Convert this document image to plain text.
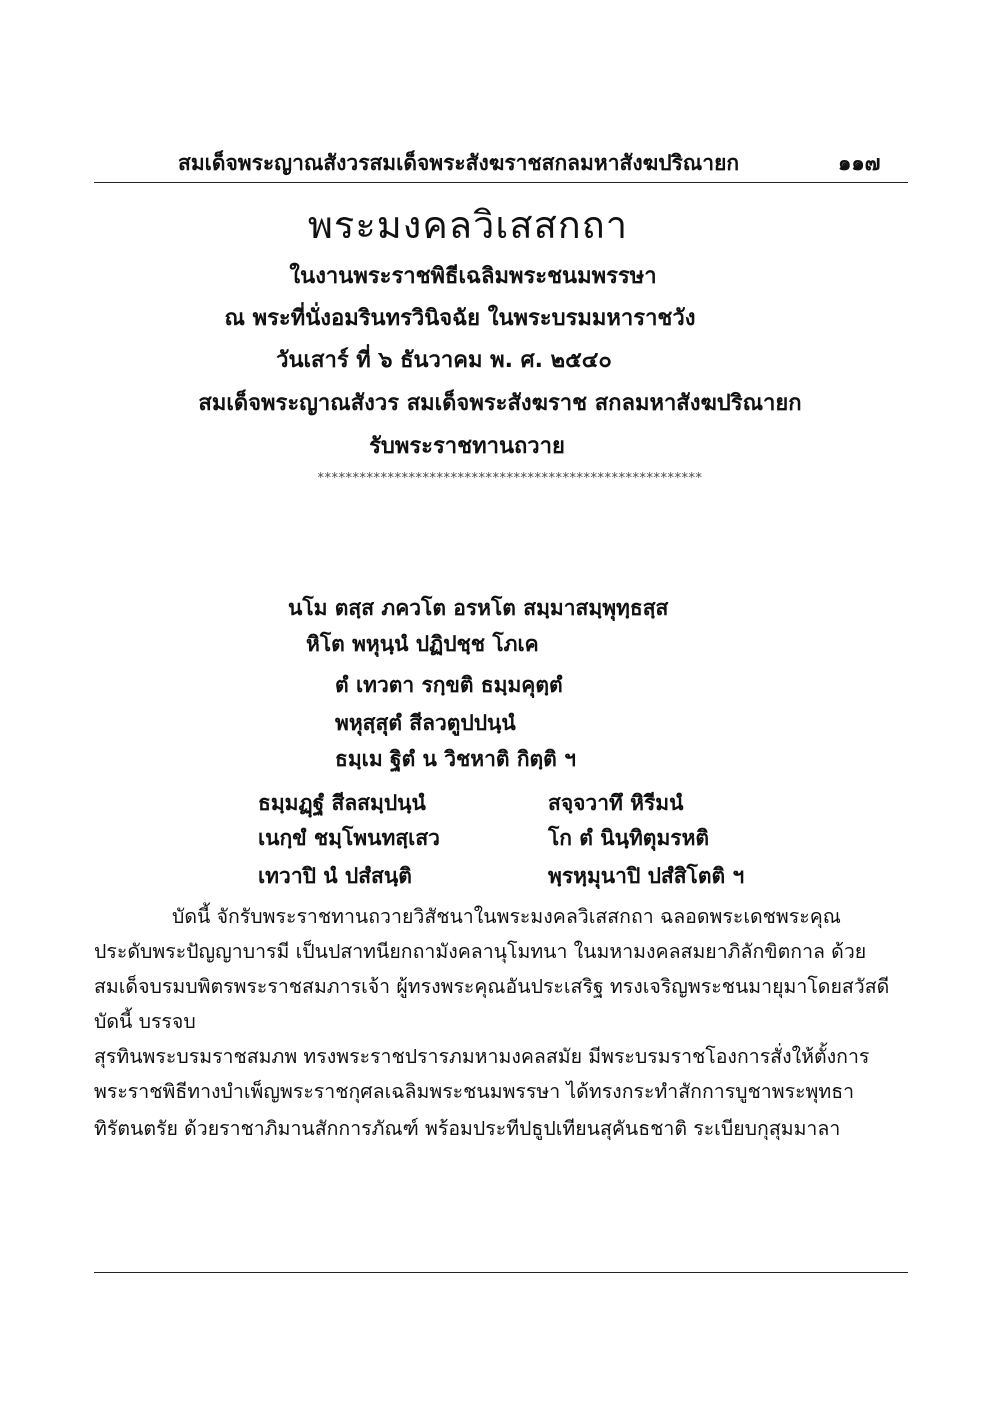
สมเด็จพระญาณสังวรสมเด็จพระสังฆราชสกลมหาสังฆปริณายก	๑๑๗
พระมงคลวิเสสกถา
ในงานพระราชพิธีเฉลิมพระชนมพรรษา
ณ พระที่นั่งอมรินทรวินิจฉัย ในพระบรมมหาราชวัง
วันเสาร์ ที่ ๖ ธันวาคม พ. ศ. ๒๕๔๐
สมเด็จพระญาณสังวร สมเด็จพระสังฆราช สกลมหาสังฆปริณายก
รับพระราชทานถวาย
*******************************************************
นโม ตสฺส ภควโต อรหโต สมฺมาสมฺพุทฺธสฺส
หิโต พหุนฺนํ ปฏิปชฺช โภเค
ตํ เทวตา รกฺขติ ธมฺมคุตฺตํ
พหุสฺสุตํ สีลวตูปปนฺนํ
ธมฺเม ฐิตํ น วิชหาติ กิตฺติ ฯ
ธมฺมฏฺฐํ สีลสมฺปนฺนํ	สจฺจวาทึ หิรีมนํ
เนกฺขํ ชมฺโพนทสฺเสว	โก ตํ นินฺทิตุมรหติ
เทวาปิ นํ ปสํสนฺติ	พฺรหฺมุนาปิ ปสํสิโตติ ฯ
บัดนี้ จักรับพระราชทานถวายวิสัชนาในพระมงคลวิเสสกถา ฉลอดพระเดชพระคุณ
ประดับพระปัญญาบารมี เป็นปสาทนียกถามังคลานุโมทนา ในมหามงคลสมยาภิลักขิตกาล ด้วย
สมเด็จบรมบพิตรพระราชสมภารเจ้า ผู้ทรงพระคุณอันประเสริฐ ทรงเจริญพระชนมายุมาโดยสวัสดี
บัดนี้ บรรจบ
สุรทินพระบรมราชสมภพ ทรงพระราชปรารภมหามงคลสมัย มีพระบรมราชโองการสั่งให้ตั้งการ
พระราชพิธีทางบำเพ็ญพระราชกุศลเฉลิมพระชนมพรรษา ได้ทรงกระทำสักการบูชาพระพุทธา
ทิรัตนตรัย ด้วยราชาภิมานสักการภัณฑ์ พร้อมประทีปธูปเทียนสุคันธชาติ ระเบียบกุสุมมาลา
